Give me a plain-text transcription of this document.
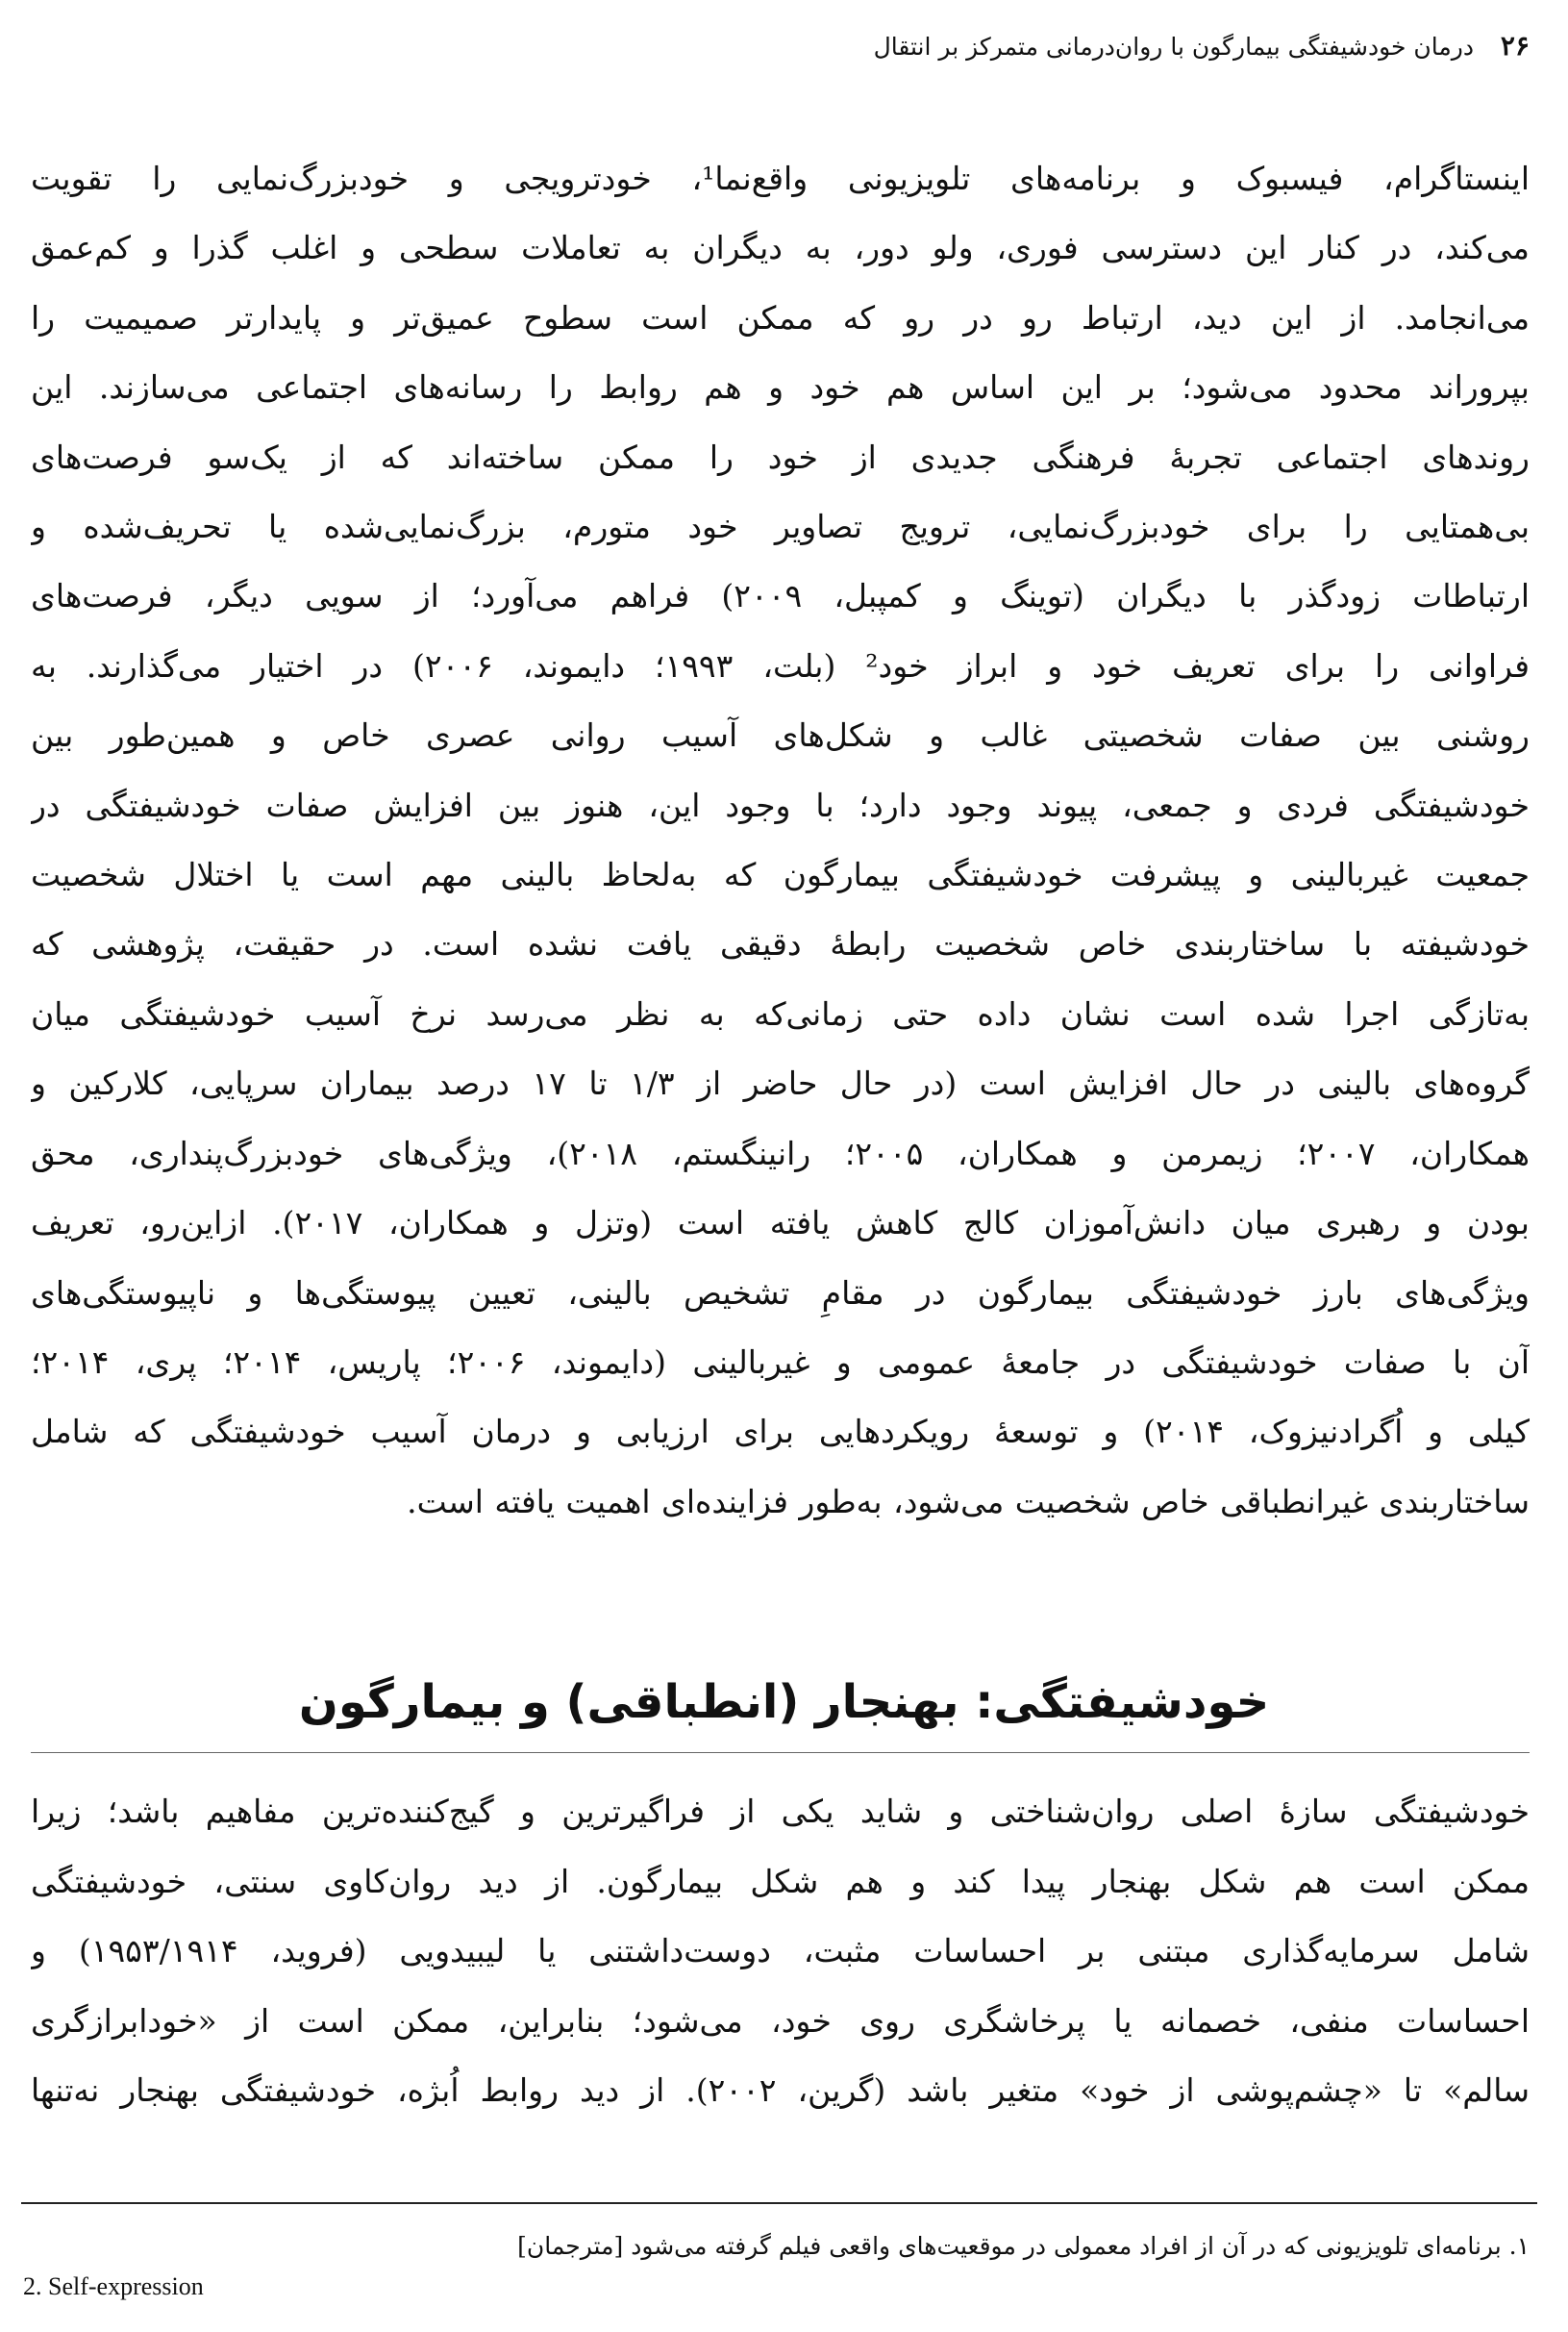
۲۶ درمان خودشیفتگی بیمارگون با روان‌درمانی متمرکز بر انتقال
اینستاگرام، فیسبوک و برنامه‌های تلویزیونی واقع‌نما¹، خودترویجی و خودبزرگ‌نمایی را تقویت
می‌کند، در کنار این دسترسی فوری، ولو دور، به دیگران به تعاملات سطحی و اغلب گذرا و کم‌عمق
می‌انجامد. از این دید، ارتباط رو در رو که ممکن است سطوح عمیق‌تر و پایدارتر صمیمیت را
بپروراند محدود می‌شود؛ بر این اساس هم خود و هم روابط را رسانه‌های اجتماعی می‌سازند. این
روندهای اجتماعی تجربهٔ فرهنگی جدیدی از خود را ممکن ساخته‌اند که از یک‌سو فرصت‌های
بی‌همتایی را برای خودبزرگ‌نمایی، ترویج تصاویر خود متورم، بزرگ‌نمایی‌شده یا تحریف‌شده و
ارتباطات زودگذر با دیگران (توینگ و کمپبل، ۲۰۰۹) فراهم می‌آورد؛ از سویی دیگر، فرصت‌های
فراوانی را برای تعریف خود و ابراز خود² (بلت، ۱۹۹۳؛ دایموند، ۲۰۰۶) در اختیار می‌گذارند. به
روشنی بین صفات شخصیتی غالب و شکل‌های آسیب روانی عصری خاص و همین‌طور بین
خودشیفتگی فردی و جمعی، پیوند وجود دارد؛ با وجود این، هنوز بین افزایش صفات خودشیفتگی در
جمعیت غیربالینی و پیشرفت خودشیفتگی بیمارگون که به‌لحاظ بالینی مهم است یا اختلال شخصیت
خودشیفته با ساختاربندی خاص شخصیت رابطهٔ دقیقی یافت نشده است. در حقیقت، پژوهشی که
به‌تازگی اجرا شده است نشان داده حتی زمانی‌که به نظر می‌رسد نرخ آسیب خودشیفتگی میان
گروه‌های بالینی در حال افزایش است (در حال حاضر از ۱/۳ تا ۱۷ درصد بیماران سرپایی، کلارکین و
همکاران، ۲۰۰۷؛ زیمرمن و همکاران، ۲۰۰۵؛ رانینگستم، ۲۰۱۸)، ویژگی‌های خودبزرگ‌پنداری، محق
بودن و رهبری میان دانش‌آموزان کالج کاهش یافته است (وتزل و همکاران، ۲۰۱۷). ازاین‌رو، تعریف
ویژگی‌های بارز خودشیفتگی بیمارگون در مقامِ تشخیص بالینی، تعیین پیوستگی‌ها و ناپیوستگی‌های
آن با صفات خودشیفتگی در جامعهٔ عمومی و غیربالینی (دایموند، ۲۰۰۶؛ پاریس، ۲۰۱۴؛ پری، ۲۰۱۴؛
کیلی و اُگرادنیزوک، ۲۰۱۴) و توسعهٔ رویکردهایی برای ارزیابی و درمان آسیب خودشیفتگی که شامل
ساختاربندی غیرانطباقی خاص شخصیت می‌شود، به‌طور فزاینده‌ای اهمیت یافته است.
خودشیفتگی: بهنجار (انطباقی) و بیمارگون
خودشیفتگی سازهٔ اصلی روان‌شناختی و شاید یکی از فراگیرترین و گیج‌کننده‌ترین مفاهیم باشد؛ زیرا
ممکن است هم شکل بهنجار پیدا کند و هم شکل بیمارگون. از دید روان‌کاوی سنتی، خودشیفتگی
شامل سرمایه‌گذاری مبتنی بر احساسات مثبت، دوست‌داشتنی یا لیبیدویی (فروید، ۱۹۵۳/۱۹۱۴) و
احساسات منفی، خصمانه یا پرخاشگری روی خود، می‌شود؛ بنابراین، ممکن است از «خودابرازگری
سالم» تا «چشم‌پوشی از خود» متغیر باشد (گرین، ۲۰۰۲). از دید روابط اُبژه، خودشیفتگی بهنجار نه‌تنها
۱. برنامه‌ای تلویزیونی که در آن از افراد معمولی در موقعیت‌های واقعی فیلم گرفته می‌شود [مترجمان]
2. Self-expression
